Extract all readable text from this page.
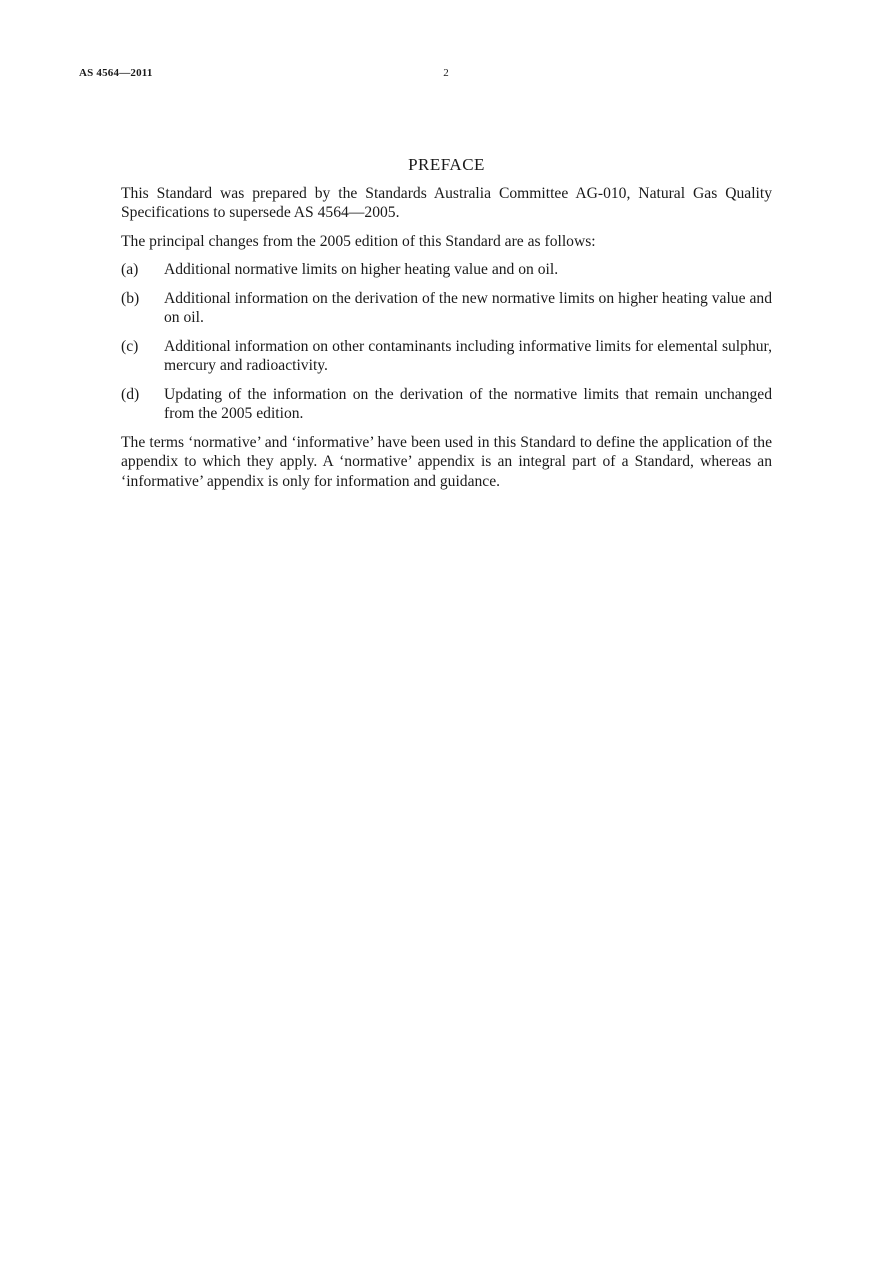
AS 4564—2011	2
PREFACE

This Standard was prepared by the Standards Australia Committee AG-010, Natural Gas Quality Specifications to supersede AS 4564—2005.

The principal changes from the 2005 edition of this Standard are as follows:

(a)	Additional normative limits on higher heating value and on oil.
(b)	Additional information on the derivation of the new normative limits on higher heating value and on oil.
(c)	Additional information on other contaminants including informative limits for elemental sulphur, mercury and radioactivity.
(d)	Updating of the information on the derivation of the normative limits that remain unchanged from the 2005 edition.

The terms ‘normative’ and ‘informative’ have been used in this Standard to define the application of the appendix to which they apply. A ‘normative’ appendix is an integral part of a Standard, whereas an ‘informative’ appendix is only for information and guidance.
